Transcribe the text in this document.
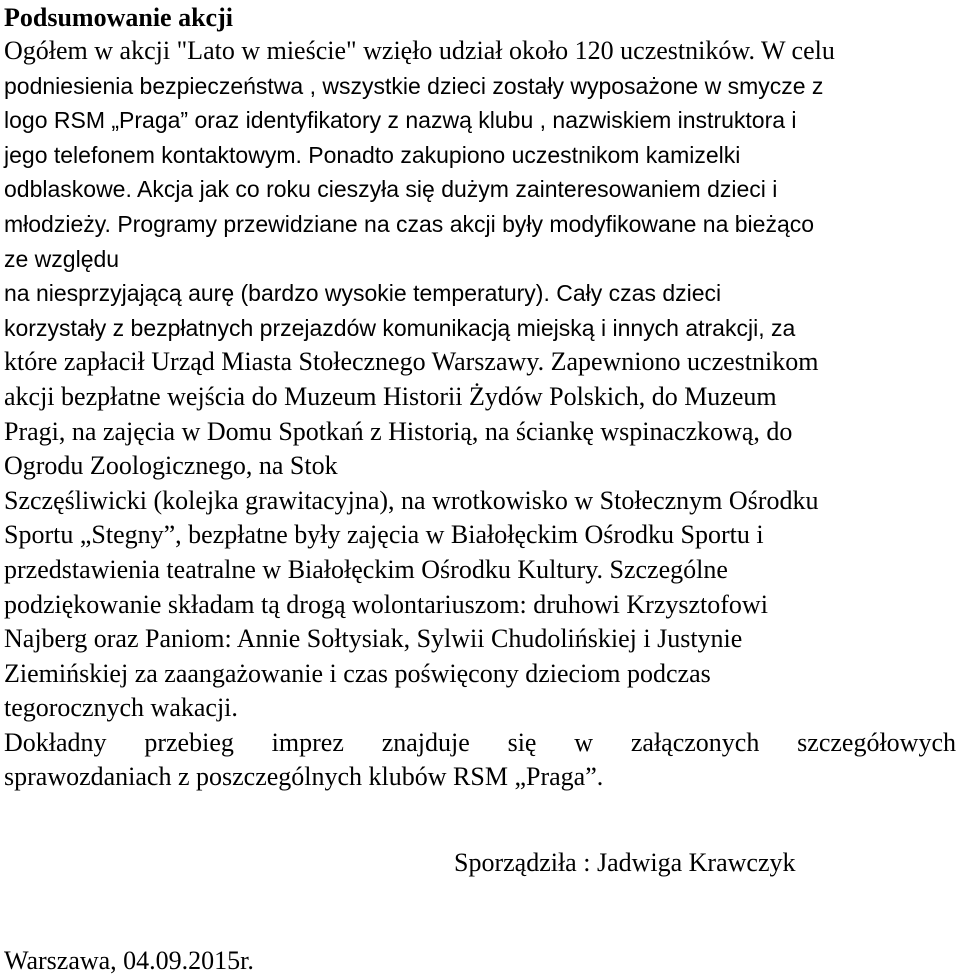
Podsumowanie akcji
Ogółem w akcji "Lato w mieście" wzięło udział około 120 uczestników. W celu
podniesienia bezpieczeństwa , wszystkie dzieci zostały wyposażone w smycze z
logo RSM „Praga” oraz identyfikatory z nazwą klubu , nazwiskiem instruktora i
jego telefonem kontaktowym. Ponadto zakupiono uczestnikom kamizelki
odblaskowe. Akcja jak co roku cieszyła się dużym zainteresowaniem dzieci i
młodzieży. Programy przewidziane na czas akcji były modyfikowane na bieżąco
ze względu
na niesprzyjającą aurę (bardzo wysokie temperatury). Cały czas dzieci
korzystały z bezpłatnych przejazdów komunikacją miejską i innych atrakcji, za
które zapłacił Urząd Miasta Stołecznego Warszawy. Zapewniono uczestnikom
akcji bezpłatne wejścia do Muzeum Historii Żydów Polskich, do Muzeum
Pragi, na zajęcia w Domu Spotkań z Historią, na ściankę wspinaczkową, do
Ogrodu Zoologicznego, na Stok
Szczęśliwicki (kolejka grawitacyjna), na wrotkowisko w Stołecznym Ośrodku
Sportu „Stegny”, bezpłatne były zajęcia w Białołęckim Ośrodku Sportu i
przedstawienia teatralne w Białołęckim Ośrodku Kultury. Szczególne
podziękowanie składam tą drogą wolontariuszom: druhowi Krzysztofowi
Najberg oraz Paniom: Annie Sołtysiak, Sylwii Chudolińskiej i Justynie
Ziemińskiej za zaangażowanie i czas poświęcony dzieciom podczas
tegorocznych wakacji.
Dokładny przebieg imprez znajduje się w załączonych szczegółowych
sprawozdaniach z poszczególnych klubów RSM „Praga”.
Sporządziła : Jadwiga Krawczyk
Warszawa, 04.09.2015r.
